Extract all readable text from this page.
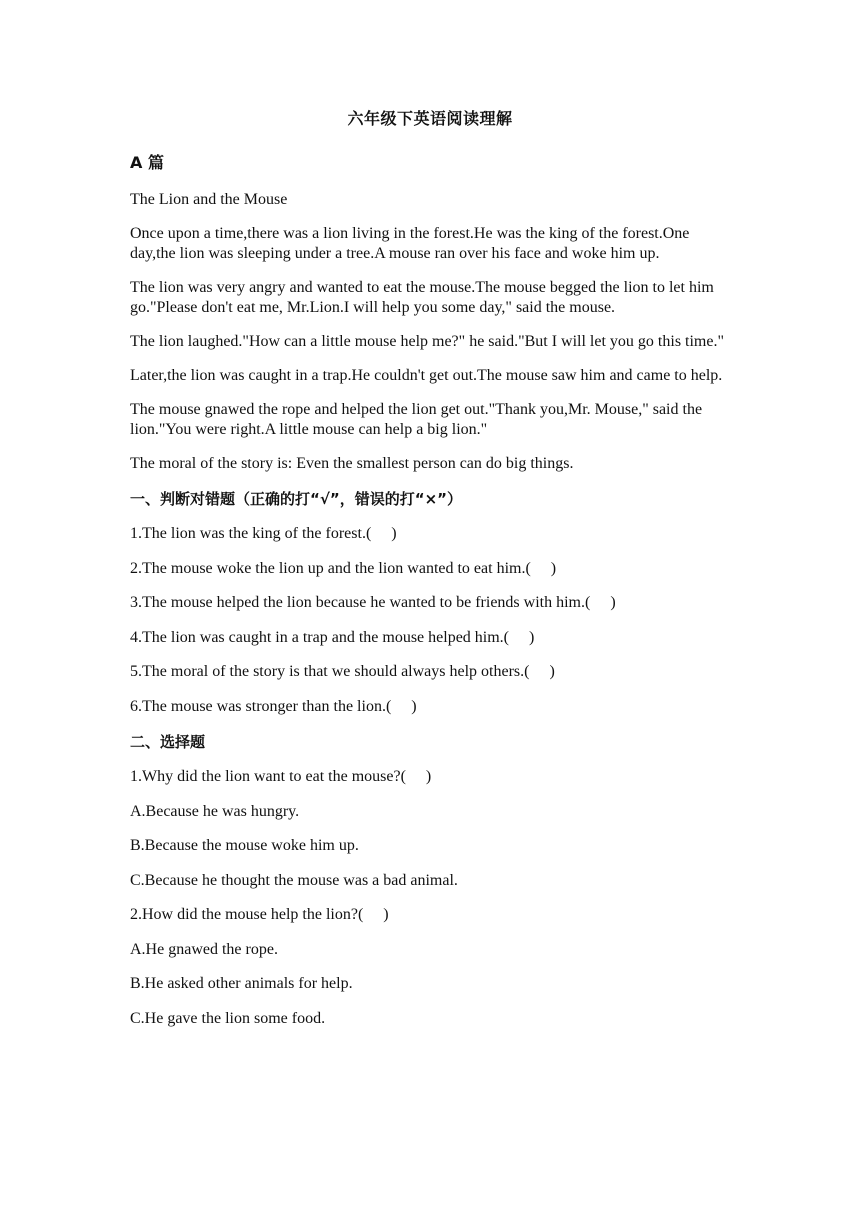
六年级下英语阅读理解
A 篇
The Lion and the Mouse
Once upon a time,there was a lion living in the forest.He was the king of the forest.One day,the lion was sleeping under a tree.A mouse ran over his face and woke him up.
The lion was very angry and wanted to eat the mouse.The mouse begged the lion to let him go."Please don't eat me, Mr.Lion.I will help you some day," said the mouse.
The lion laughed."How can a little mouse help me?" he said."But I will let you go this time."
Later,the lion was caught in a trap.He couldn't get out.The mouse saw him and came to help.
The mouse gnawed the rope and helped the lion get out."Thank you,Mr. Mouse," said the lion."You were right.A little mouse can help a big lion."
The moral of the story is: Even the smallest person can do big things.
一、判断对错题（正确的打“√”，错误的打“×”）
1.The lion was the king of the forest.(     )
2.The mouse woke the lion up and the lion wanted to eat him.(     )
3.The mouse helped the lion because he wanted to be friends with him.(     )
4.The lion was caught in a trap and the mouse helped him.(     )
5.The moral of the story is that we should always help others.(     )
6.The mouse was stronger than the lion.(     )
二、选择题
1.Why did the lion want to eat the mouse?(     )
A.Because he was hungry.
B.Because the mouse woke him up.
C.Because he thought the mouse was a bad animal.
2.How did the mouse help the lion?(     )
A.He gnawed the rope.
B.He asked other animals for help.
C.He gave the lion some food.
